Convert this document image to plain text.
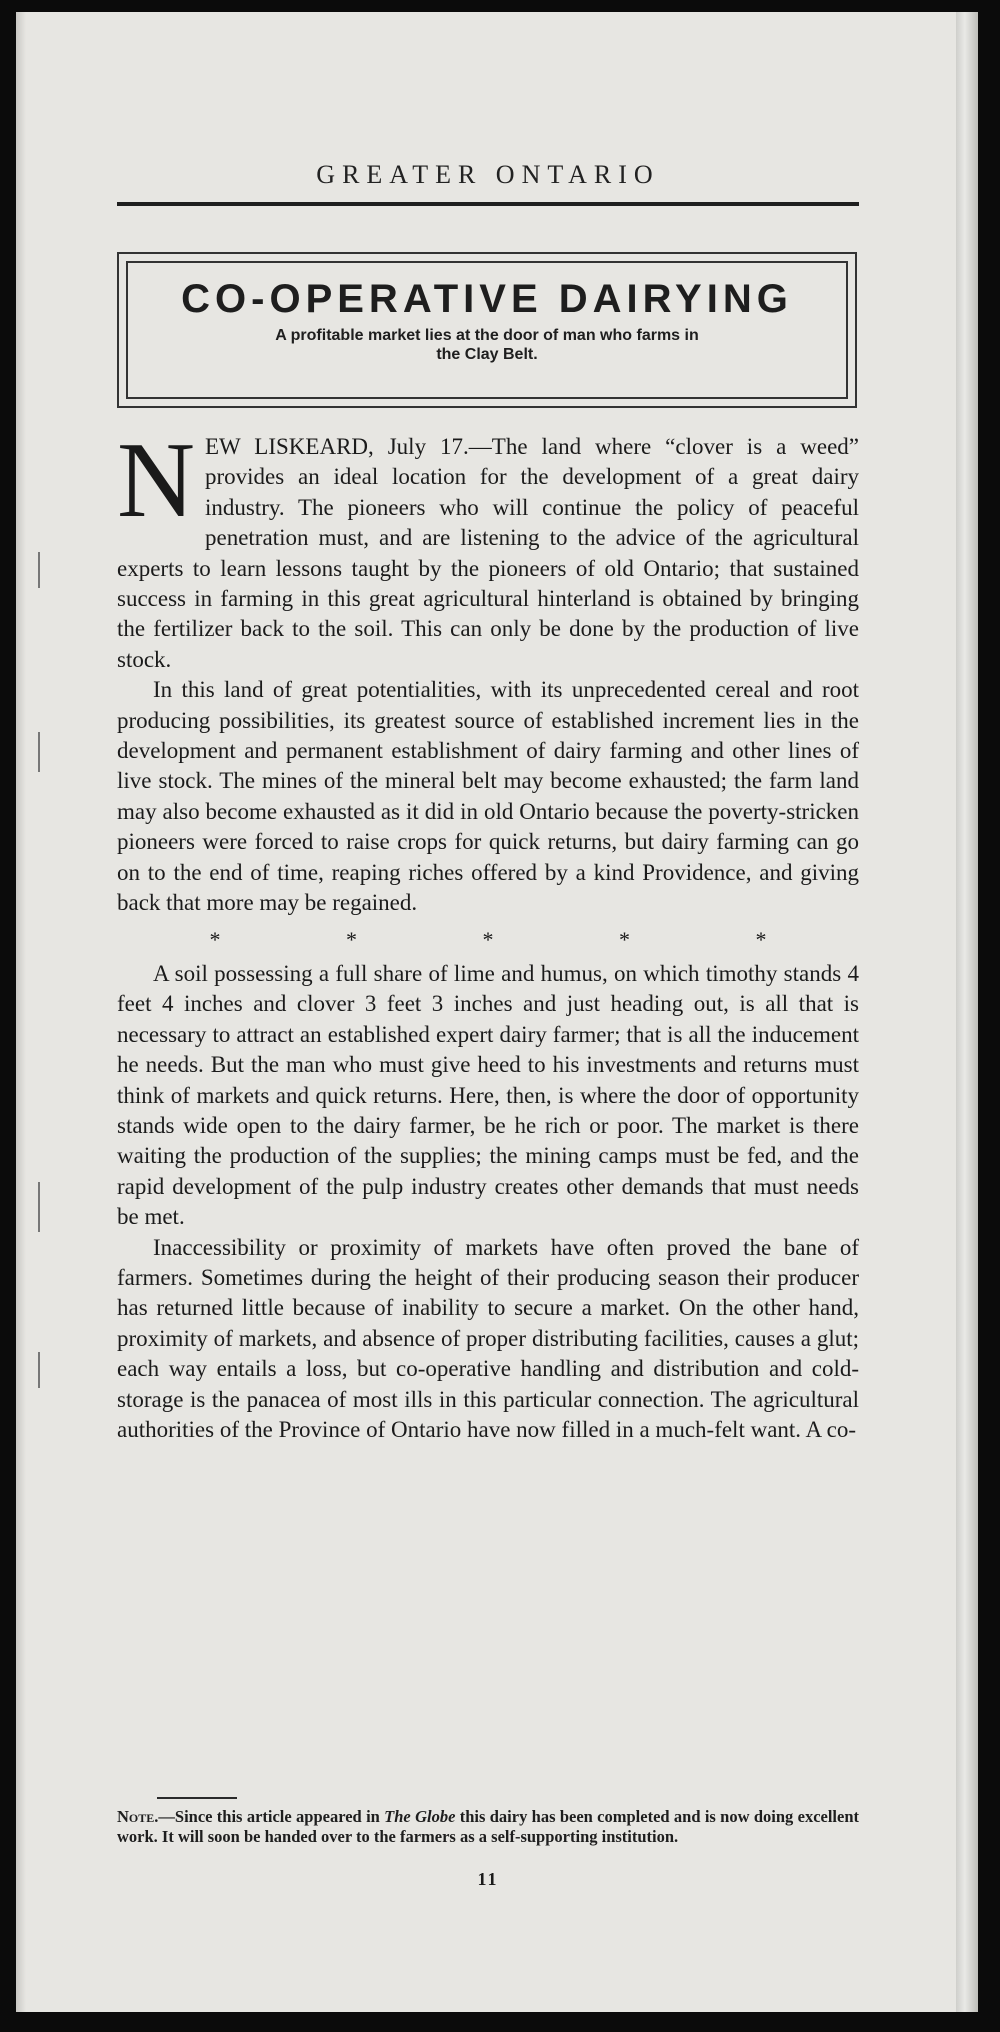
GREATER ONTARIO
CO-OPERATIVE DAIRYING
A profitable market lies at the door of man who farms in the Clay Belt.

NEW LISKEARD, July 17.—The land where “clover is a weed” provides an ideal location for the development of a great dairy industry. The pioneers who will continue the policy of peaceful penetration must, and are listening to the advice of the agricultural experts to learn lessons taught by the pioneers of old Ontario; that sustained success in farming in this great agricultural hinterland is obtained by bringing the fertilizer back to the soil. This can only be done by the production of live stock.

In this land of great potentialities, with its unprecedented cereal and root producing possibilities, its greatest source of established increment lies in the development and permanent establishment of dairy farming and other lines of live stock. The mines of the mineral belt may become exhausted; the farm land may also become exhausted as it did in old Ontario because the poverty-stricken pioneers were forced to raise crops for quick returns, but dairy farming can go on to the end of time, reaping riches offered by a kind Providence, and giving back that more may be regained.

* * * * *

A soil possessing a full share of lime and humus, on which timothy stands 4 feet 4 inches and clover 3 feet 3 inches and just heading out, is all that is necessary to attract an established expert dairy farmer; that is all the inducement he needs. But the man who must give heed to his investments and returns must think of markets and quick returns. Here, then, is where the door of opportunity stands wide open to the dairy farmer, be he rich or poor. The market is there waiting the production of the supplies; the mining camps must be fed, and the rapid development of the pulp industry creates other demands that must needs be met.

Inaccessibility or proximity of markets have often proved the bane of farmers. Sometimes during the height of their producing season their producer has returned little because of inability to secure a market. On the other hand, proximity of markets, and absence of proper distributing facilities, causes a glut; each way entails a loss, but co-operative handling and distribution and cold-storage is the panacea of most ills in this particular connection. The agricultural authorities of the Province of Ontario have now filled in a much-felt want. A co-

Note.—Since this article appeared in The Globe this dairy has been completed and is now doing excellent work. It will soon be handed over to the farmers as a self-supporting institution.
11
